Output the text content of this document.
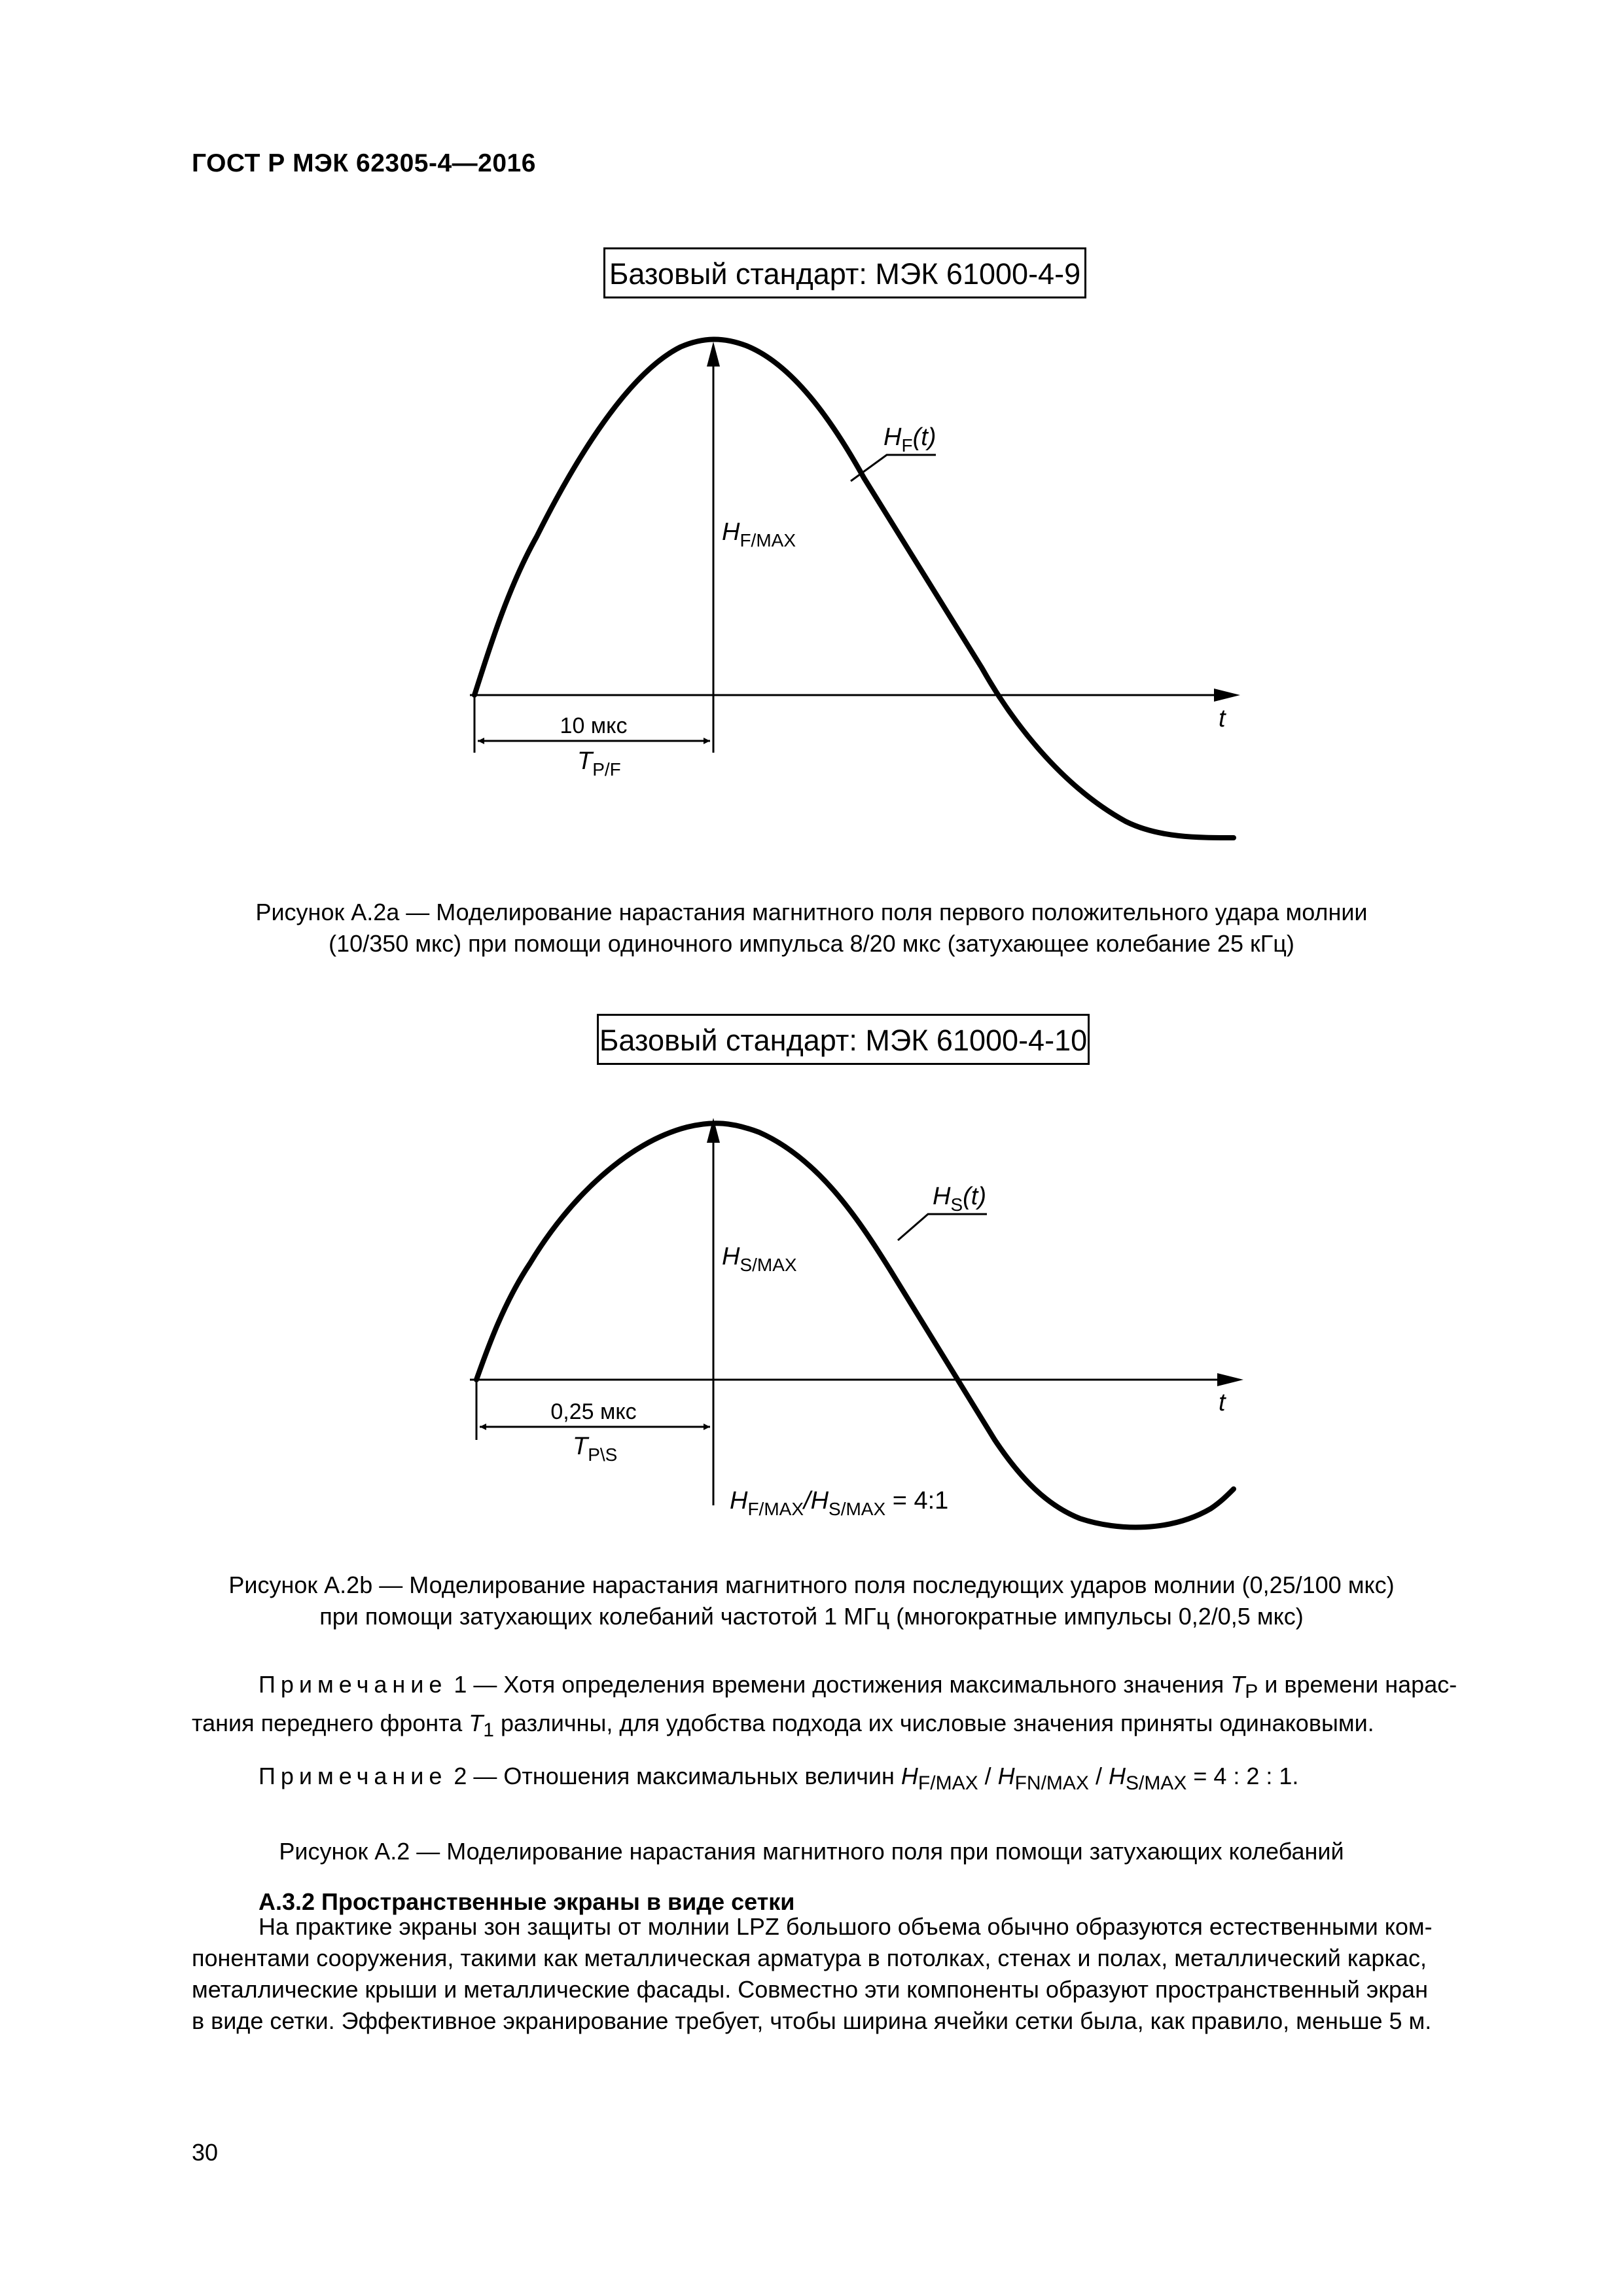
ГОСТ Р МЭК 62305-4—2016
Базовый стандарт: МЭК 61000-4-9
t
$H_F(t)$
$H_{F/MAX}$
10 мкс
$T_{P/F}$
Рисунок А.2а — Моделирование нарастания магнитного поля первого положительного удара молнии
(10/350 мкс) при помощи одиночного импульса 8/20 мкс (затухающее колебание 25 кГц)
Базовый стандарт: МЭК 61000-4-10
t
$H_S(t)$
$H_{S/MAX}$
0,25 мкс
$T_{P\backslash S}$
$H_{F/MAX}/H_{S/MAX}$ = 4:1
Рисунок А.2b — Моделирование нарастания магнитного поля последующих ударов молнии (0,25/100 мкс)
при помощи затухающих колебаний частотой 1 МГц (многократные импульсы 0,2/0,5 мкс)
Примечание 1 — Хотя определения времени достижения максимального значения $T_P$ и времени нарас-
тания переднего фронта $T_1$ различны, для удобства подхода их числовые значения приняты одинаковыми.
Примечание 2 — Отношения максимальных величин $H_{F/MAX} / H_{FN/MAX} / H_{S/MAX} = 4$ : 2 : 1.
Рисунок А.2 — Моделирование нарастания магнитного поля при помощи затухающих колебаний
А.3.2 Пространственные экраны в виде сетки
На практике экраны зон защиты от молнии LPZ большого объема обычно образуются естественными ком-
понентами сооружения, такими как металлическая арматура в потолках, стенах и полах, металлический каркас,
металлические крыши и металлические фасады. Совместно эти компоненты образуют пространственный экран
в виде сетки. Эффективное экранирование требует, чтобы ширина ячейки сетки была, как правило, меньше 5 м.
30
